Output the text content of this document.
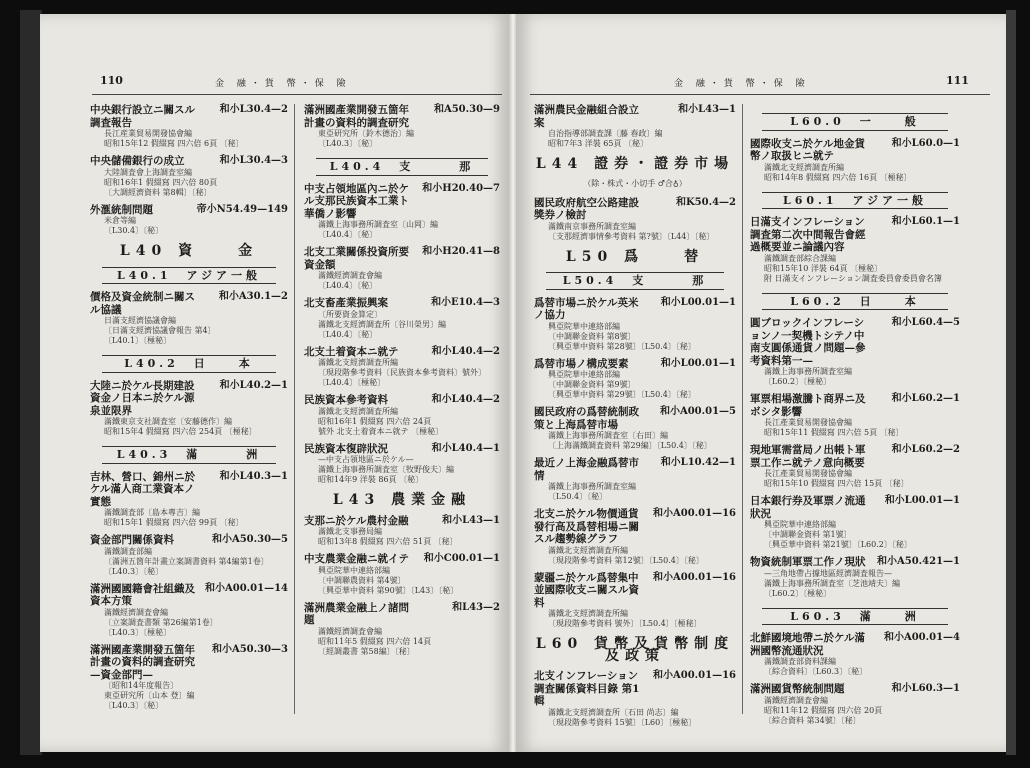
110	金 融・貨 幣・保 險
中央銀行設立ニ關スル調査報告
和小L30.4—2
長江産業貿易開發協會編
昭和15年12 假綴寫 四六倍 6頁 〔秘〕
中央儲備銀行の成立	和小L30.4—3
大陸調査會上海調査室編
昭和16年1 假綴寫 四六倍 80頁
〔大調經濟資料 第8輯〕〔秘〕
外滙統制問題	帝小N54.49—149
米倉等編
〔L30.4〕〔秘〕
L40 資　　金
L40.1　アジア一般
價格及資金統制ニ關スル協議
和小A30.1—2
日滿支經濟協議會編
〔日滿支經濟協議會報告 第4〕
〔L40.1〕〔極秘〕
L40.2　日　　本
大陸ニ於ケル長期建設資金ノ日本ニ於ケル源泉並限界
和小L40.2—1
滿鐵東京支社調査室〔安藤德作〕編
昭和15年4 假綴寫 四六倍 254頁 〔極秘〕
L40.3　滿　　　洲
吉林、營口、錦州ニ於ケル滿人商工業資本ノ實態
和小L40.3—1
滿鐵調査部〔島本專吉〕編
昭和15年1 假綴寫 四六倍 99頁 〔秘〕
資金部門關係資料	和小A50.30—5
滿鐵調査部編
〔滿洲五箇年計畫立案調書資料 第4編第1卷〕
〔L40.3〕〔秘〕
滿洲國國籍會社組織及資本方策
和小A00.01—14
滿鐵經濟調査會編
〔立案調査書類 第26編第1卷〕
〔L40.3〕〔極秘〕
滿洲國產業開發五箇年計畫の資料的調査研究　—資金部門—
和小A50.30—3
〔昭和14年度報告〕
東亞研究所〔山本 登〕編
〔L40.3〕〔秘〕
滿洲國產業開發五箇年計畫の資料的調査研究
和A50.30—9
東亞研究所〔鈴木德治〕編
〔L40.3〕〔秘〕
L40.4　支　　　那
中支占領地區內ニ於ケル支那民族資本工業ト華僑ノ影響
和小H20.40—7
滿鐵上海事務所調査室〔山岡〕編
〔L40.4〕〔秘〕
北支工業關係投資所要資金額
和小H20.41—8
滿鐵經濟調査會編
〔L40.4〕〔秘〕
北支畜產業振興案	和小E10.4—3
〔所要資金算定〕
滿鐵北支經濟調査所〔谷川榮男〕編
〔L40.4〕〔秘〕
北支土着資本ニ就テ	和小L40.4—2
滿鐵北支經濟調査所編
〔現段階參考資料〔民族資本參考資料〕號外〕
〔L40.4〕〔極秘〕
民族資本參考資料	和小L40.4—2
滿鐵北支經濟調査所編
昭和16年1 假綴寫 四六倍 24頁
號外 北支土着資本ニ就テ 〔極秘〕
民族資本復辟狀況	和小L40.4—1
—中支占領地區ニ於ケル—
滿鐵上海事務所調査室〔牧野俊夫〕編
昭和14年9 洋裝 86頁 〔秘〕
L43 農業金融
支那ニ於ケル農村金融	和小L43—1
滿鐵北支事務局編
昭和13年8 假綴寫 四六倍 51頁 〔秘〕
中支農業金融ニ就イテ	和小C00.01—1
興亞院華中連絡部編
〔中調聯農資料 第4號〕
〔興亞華中資料 第90號〕〔L43〕〔秘〕
滿洲農業金融上ノ諸問題
和L43—2
滿鐵經濟調査會編
昭和11年5 假綴寫 四六倍 14頁
〔經調叢書 第58編〕〔秘〕
金 融・貨 幣・保 險	111
滿洲農民金融組合設立案
和小L43—1
自治指導部調査課〔藤 春政〕編
昭和7年3 洋裝 65頁 〔秘〕
L44 證券・證券市場
（除・株式・小切手 ♂合♁）
國民政府航空公路建設獎券ノ檢討
和K50.4—2
滿鐵南京事務所調査室編
〔支那經濟事情參考資料 第?號〕〔L44〕〔秘〕
L50 爲　　替
L50.4　支　　　那
爲替市場ニ於ケル英米ノ協力
和小L00.01—1
興亞院華中連絡部編
〔中調聯金資料 第8號〕
〔興亞華中資料 第28號〕〔L50.4〕〔秘〕
爲替市場ノ構成要素	和小L00.01—1
興亞院華中連絡部編
〔中調聯金資料 第9號〕
〔興亞華中資料 第29號〕〔L50.4〕〔秘〕
國民政府の爲替統制政策と上海爲替市場
和小A00.01—5
滿鐵上海事務所調査室〔右田〕編
〔上海滿鐵調査資料 第29編〕〔L50.4〕〔秘〕
最近ノ上海金融爲替市情
和小L10.42—1
滿鐵上海事務所調査室編
〔L50.4〕〔秘〕
北支ニ於ケル物價通貨發行高及爲替相場ニ關スル趨勢線グラフ
和小A00.01—16
滿鐵北支經濟調査所編
〔現段階參考資料 第12號〕〔L50.4〕〔秘〕
蒙疆ニ於ケル爲替集中並國際收支ニ關スル資料
和小A00.01—16
滿鐵北支經濟調査所編
〔現段階參考資料 號外〕〔L50.4〕〔極秘〕
L60 貨幣及貨幣制度及政策
北支インフレーション調査關係資料目錄 第1輯
和小A00.01—16
滿鐵北支經濟調査所〔石田 尚志〕編
〔現段階參考資料 15號〕〔L60〕〔極秘〕
L60.0　一　　般
國際收支ニ於ケル地金貨幣ノ取扱ヒニ就テ
和小L60.0—1
滿鐵北支經濟調査所編
昭和14年8 假綴寫 四六倍 16頁 〔極秘〕
L60.1　アジア一般
日滿支インフレーション調査第二次中間報告會經過概要並ニ論議內容
和小L60.1—1
滿鐵調査部綜合課編
昭和15年10 洋裝 64頁 〔極秘〕
附 日滿支インフレーション調査委員會委員會名簿
L60.2　日　　本
圓ブロックインフレーションノ一契機トシテノ中南支圓係通貨ノ問題—參考資料第一—
和小L60.4—5
滿鐵上海事務所調査室編
〔L60.2〕〔極秘〕
軍票相場激騰ト商界ニ及ボシタ影響
和小L60.2—1
長江產業貿易開發協會編
昭和15年11 假綴寫 四六倍 5頁 〔秘〕
現地軍需當局ノ出帳ト軍票工作ニ就テノ意向概要
和小L60.2—2
長江產業貿易開發協會編
昭和15年10 假綴寫 四六倍 15頁 〔秘〕
日本銀行券及軍票ノ流通狀況
和小L00.01—1
興亞院華中連絡部編
〔中調聯金資料 第1號〕
〔興亞華中資料 第21號〕〔L60.2〕〔秘〕
物資統制軍票工作ノ現狀	和小A50.421—1
—三角地帶占據地區經濟調査報告—
滿鐵上海事務所調査室〔芝池靖夫〕編
〔L60.2〕〔極秘〕
L60.3　滿　　洲
北鮮國境地帶ニ於ケル滿洲國幣流通狀況
和小A00.01—4
滿鐵調査部資料課編
〔綜合資料〕〔L60.3〕〔秘〕
滿洲國貨幣統制問題	和小L60.3—1
滿鐵經濟調査會編
昭和11年12 假綴寫 四六倍 20頁
〔綜合資料 第34號〕〔秘〕
